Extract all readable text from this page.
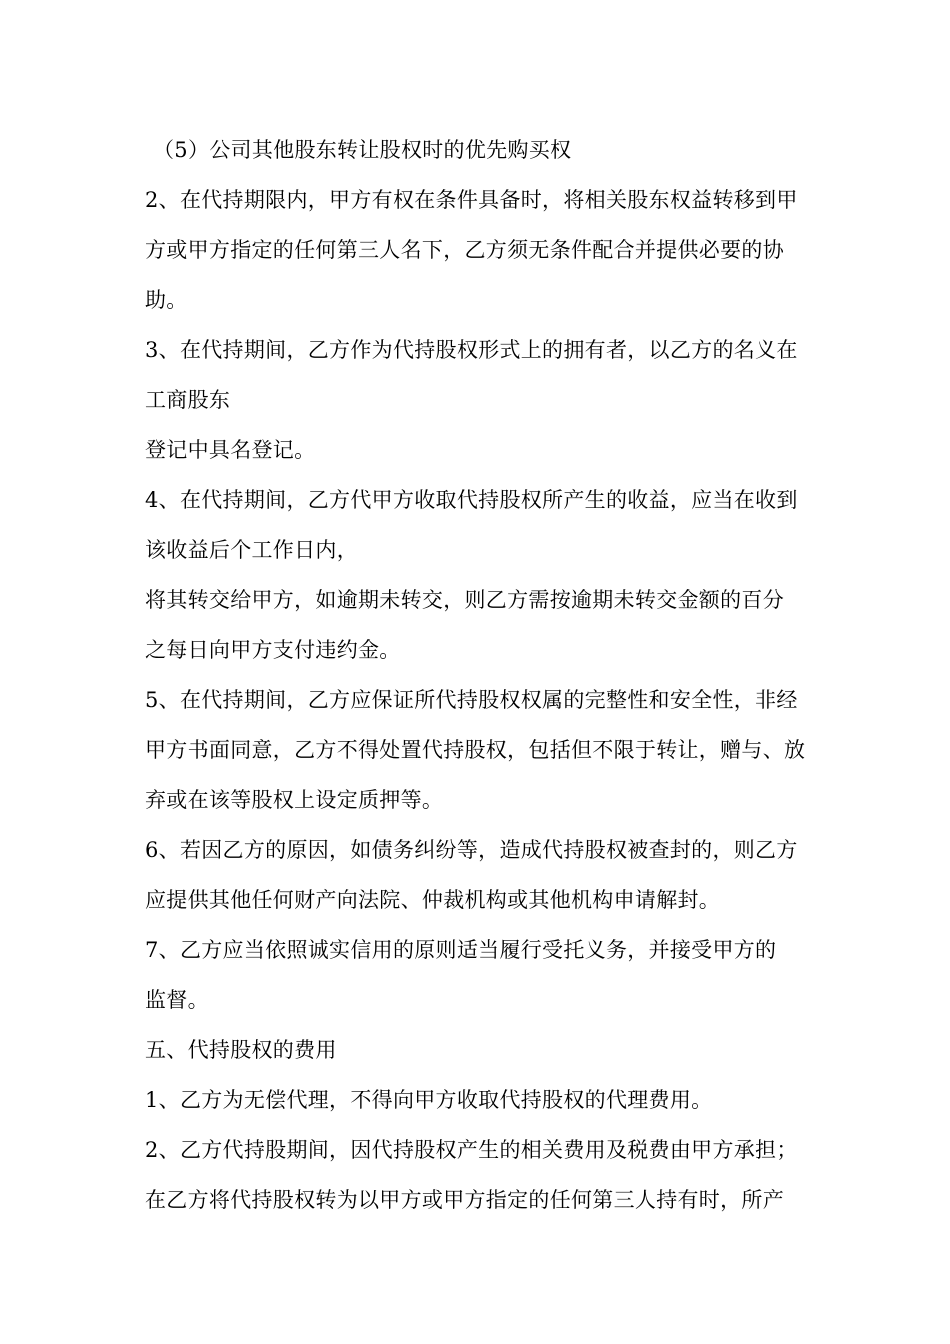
（5）公司其他股东转让股权时的优先购买权
2、在代持期限内，甲方有权在条件具备时，将相关股东权益转移到甲
方或甲方指定的任何第三人名下，乙方须无条件配合并提供必要的协
助。
3、在代持期间，乙方作为代持股权形式上的拥有者，以乙方的名义在
工商股东
登记中具名登记。
4、在代持期间，乙方代甲方收取代持股权所产生的收益，应当在收到
该收益后个工作日内，
将其转交给甲方，如逾期未转交，则乙方需按逾期未转交金额的百分
之每日向甲方支付违约金。
5、在代持期间，乙方应保证所代持股权权属的完整性和安全性，非经
甲方书面同意，乙方不得处置代持股权，包括但不限于转让，赠与、放
弃或在该等股权上设定质押等。
6、若因乙方的原因，如债务纠纷等，造成代持股权被查封的，则乙方
应提供其他任何财产向法院、仲裁机构或其他机构申请解封。
7、乙方应当依照诚实信用的原则适当履行受托义务，并接受甲方的
监督。
五、代持股权的费用
1、乙方为无偿代理，不得向甲方收取代持股权的代理费用。
2、乙方代持股期间，因代持股权产生的相关费用及税费由甲方承担；
在乙方将代持股权转为以甲方或甲方指定的任何第三人持有时，所产
